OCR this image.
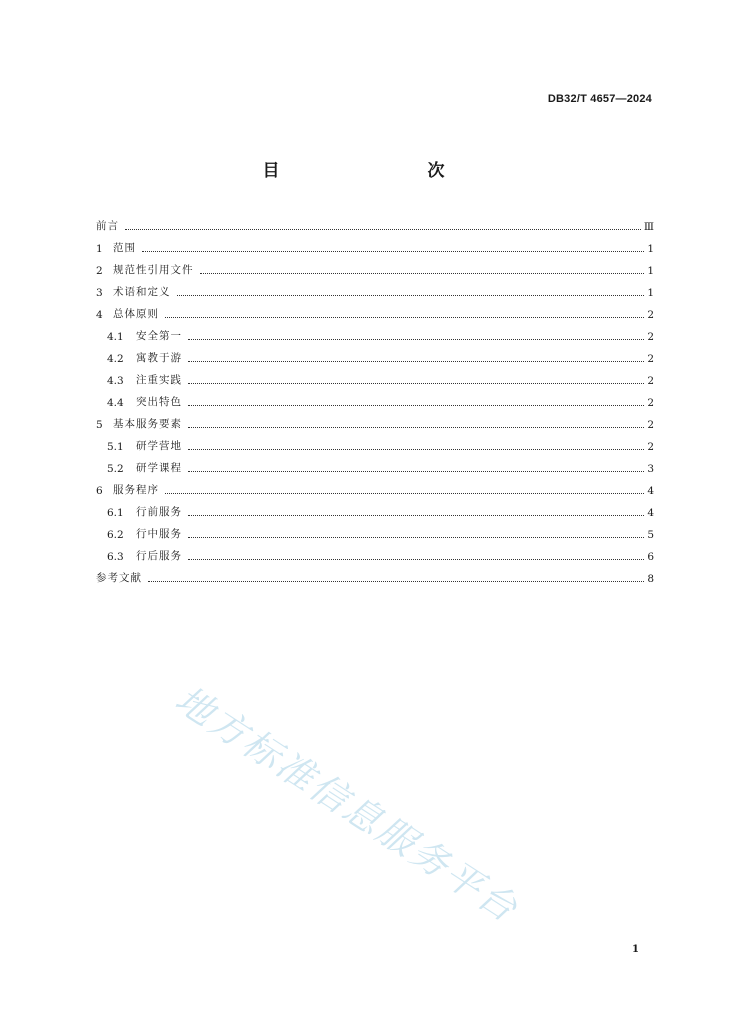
DB32/T 4657—2024
目　　次
前言	Ⅲ
1 范围	1
2 规范性引用文件	1
3 术语和定义	1
4 总体原则	2
4.1	安全第一	2
4.2	寓教于游	2
4.3	注重实践	2
4.4	突出特色	2
5 基本服务要素	2
5.1	研学营地	2
5.2	研学课程	3
6 服务程序	4
6.1	行前服务	4
6.2	行中服务	5
6.3	行后服务	6
参考文献	8
地方标准信息服务平台
1
